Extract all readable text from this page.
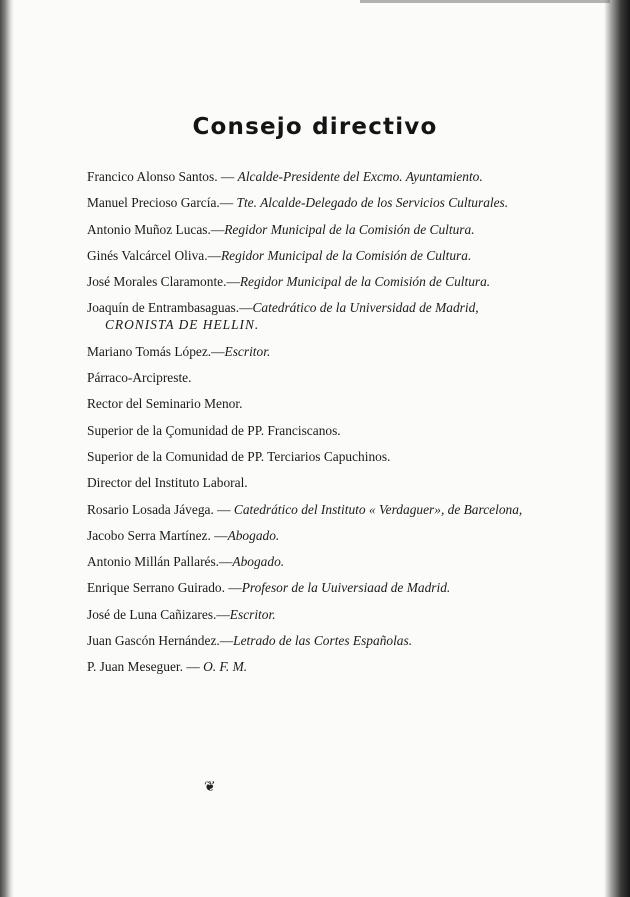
Consejo directivo

Francico Alonso Santos. — Alcalde-Presidente del Excmo. Ayuntamiento.

Manuel Precioso García.— Tte. Alcalde-Delegado de los Servicios Culturales.

Antonio Muñoz Lucas.—Regidor Municipal de la Comisión de Cultura.

Ginés Valcárcel Oliva.—Regidor Municipal de la Comisión de Cultura.

José Morales Claramonte.—Regidor Municipal de la Comisión de Cultura.

Joaquín de Entrambasaguas.—Catedrático de la Universidad de Madrid,
CRONISTA DE HELLIN.

Mariano Tomás López.—Escritor.

Párraco-Arcipreste.

Rector del Seminario Menor.

Superior de la Çomunidad de PP. Franciscanos.

Superior de la Comunidad de PP. Terciarios Capuchinos.

Director del Instituto Laboral.

Rosario Losada Jávega. — Catedrático del Instituto « Verdaguer», de Barcelona,

Jacobo Serra Martínez. —Abogado.

Antonio Millán Pallarés.—Abogado.

Enrique Serrano Guirado. —Profesor de la Uuiversiaad de Madrid.

José de Luna Cañizares.—Escritor.

Juan Gascón Hernández.—Letrado de las Cortes Españolas.

P. Juan Meseguer. — O. F. M.

❦
